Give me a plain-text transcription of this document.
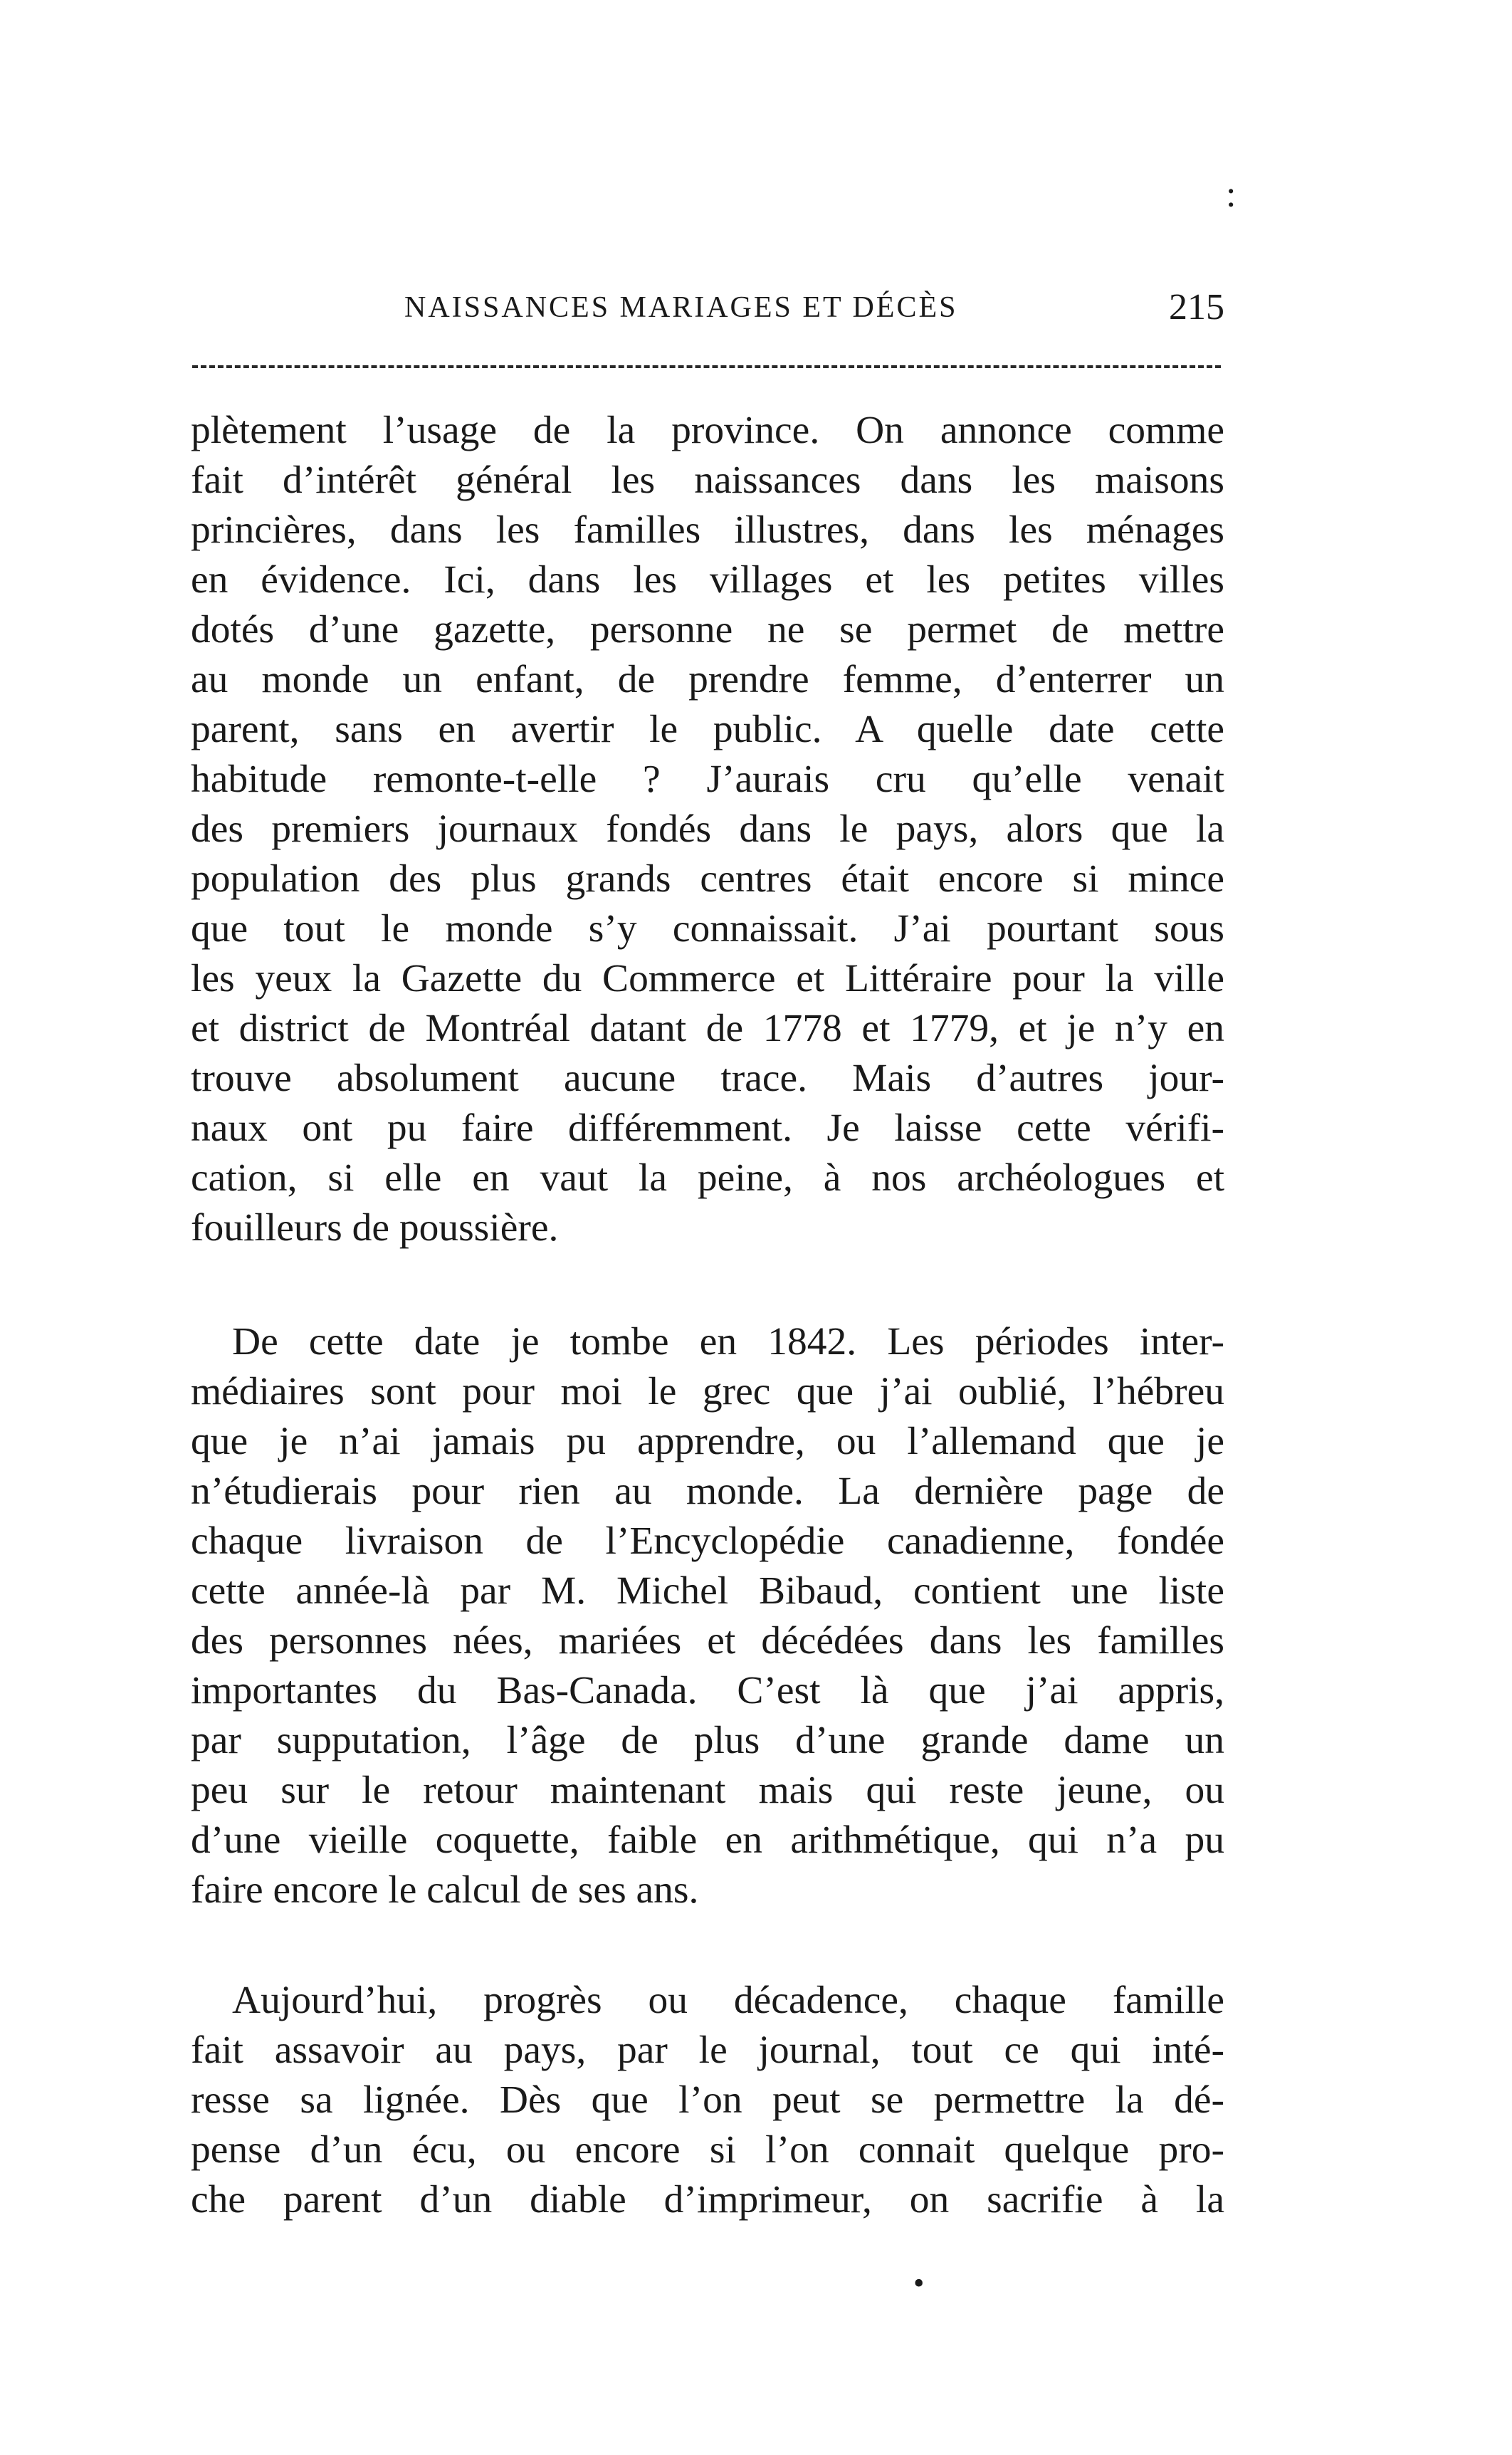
:
NAISSANCES MARIAGES ET DÉCÈS	215
plètement l’usage de la province. On annonce comme
fait d’intérêt général les naissances dans les maisons
princières, dans les familles illustres, dans les ménages
en évidence. Ici, dans les villages et les petites villes
dotés d’une gazette, personne ne se permet de mettre
au monde un enfant, de prendre femme, d’enterrer un
parent, sans en avertir le public. A quelle date cette
habitude remonte-t-elle ? J’aurais cru qu’elle venait
des premiers journaux fondés dans le pays, alors que la
population des plus grands centres était encore si mince
que tout le monde s’y connaissait. J’ai pourtant sous
les yeux la Gazette du Commerce et Littéraire pour la ville
et district de Montréal datant de 1778 et 1779, et je n’y en
trouve absolument aucune trace. Mais d’autres jour-
naux ont pu faire différemment. Je laisse cette vérifi-
cation, si elle en vaut la peine, à nos archéologues et
fouilleurs de poussière.
De cette date je tombe en 1842. Les périodes inter-
médiaires sont pour moi le grec que j’ai oublié, l’hébreu
que je n’ai jamais pu apprendre, ou l’allemand que je
n’étudierais pour rien au monde. La dernière page de
chaque livraison de l’Encyclopédie canadienne, fondée
cette année-là par M. Michel Bibaud, contient une liste
des personnes nées, mariées et décédées dans les familles
importantes du Bas-Canada. C’est là que j’ai appris,
par supputation, l’âge de plus d’une grande dame un
peu sur le retour maintenant mais qui reste jeune, ou
d’une vieille coquette, faible en arithmétique, qui n’a pu
faire encore le calcul de ses ans.
Aujourd’hui, progrès ou décadence, chaque famille
fait assavoir au pays, par le journal, tout ce qui inté-
resse sa lignée. Dès que l’on peut se permettre la dé-
pense d’un écu, ou encore si l’on connait quelque pro-
che parent d’un diable d’imprimeur, on sacrifie à la
•
